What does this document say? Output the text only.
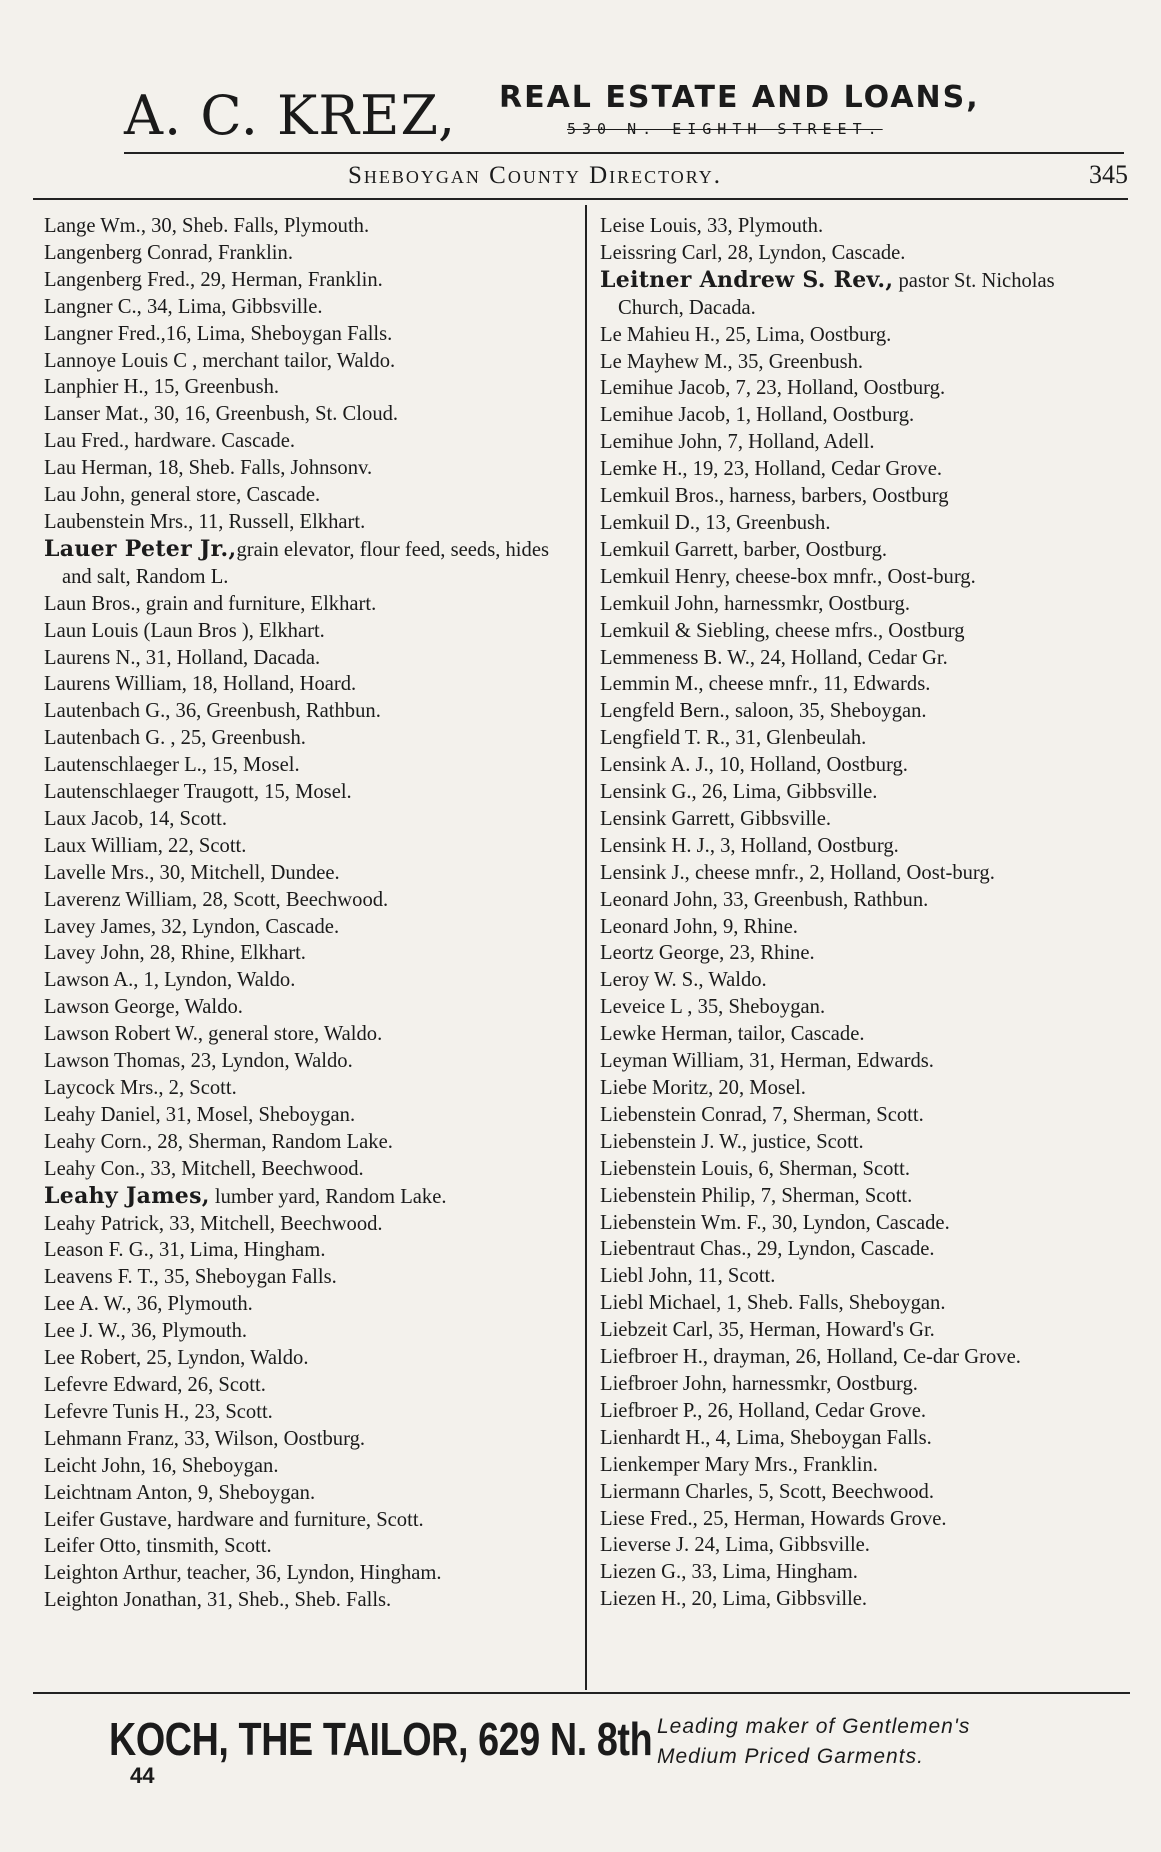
A. C. KREZ, REAL ESTATE AND LOANS,
530 N. EIGHTH STREET.
Sheboygan County Directory.	345
Lange Wm., 30, Sheb. Falls, Plymouth.
Langenberg Conrad, Franklin.
Langenberg Fred., 29, Herman, Franklin.
Langner C., 34, Lima, Gibbsville.
Langner Fred.,16, Lima, Sheboygan Falls.
Lannoye Louis C , merchant tailor, Waldo.
Lanphier H., 15, Greenbush.
Lanser Mat., 30, 16, Greenbush, St. Cloud.
Lau Fred., hardware. Cascade.
Lau Herman, 18, Sheb. Falls, Johnsonv.
Lau John, general store, Cascade.
Laubenstein Mrs., 11, Russell, Elkhart.
Lauer Peter Jr.,grain elevator, flour feed, seeds, hides and salt, Random L.
Laun Bros., grain and furniture, Elkhart.
Laun Louis (Laun Bros ), Elkhart.
Laurens N., 31, Holland, Dacada.
Laurens William, 18, Holland, Hoard.
Lautenbach G., 36, Greenbush, Rathbun.
Lautenbach G. , 25, Greenbush.
Lautenschlaeger L., 15, Mosel.
Lautenschlaeger Traugott, 15, Mosel.
Laux Jacob, 14, Scott.
Laux William, 22, Scott.
Lavelle Mrs., 30, Mitchell, Dundee.
Laverenz William, 28, Scott, Beechwood.
Lavey James, 32, Lyndon, Cascade.
Lavey John, 28, Rhine, Elkhart.
Lawson A., 1, Lyndon, Waldo.
Lawson George, Waldo.
Lawson Robert W., general store, Waldo.
Lawson Thomas, 23, Lyndon, Waldo.
Laycock Mrs., 2, Scott.
Leahy Daniel, 31, Mosel, Sheboygan.
Leahy Corn., 28, Sherman, Random Lake.
Leahy Con., 33, Mitchell, Beechwood.
Leahy James, lumber yard, Random Lake.
Leahy Patrick, 33, Mitchell, Beechwood.
Leason F. G., 31, Lima, Hingham.
Leavens F. T., 35, Sheboygan Falls.
Lee A. W., 36, Plymouth.
Lee J. W., 36, Plymouth.
Lee Robert, 25, Lyndon, Waldo.
Lefevre Edward, 26, Scott.
Lefevre Tunis H., 23, Scott.
Lehmann Franz, 33, Wilson, Oostburg.
Leicht John, 16, Sheboygan.
Leichtnam Anton, 9, Sheboygan.
Leifer Gustave, hardware and furniture, Scott.
Leifer Otto, tinsmith, Scott.
Leighton Arthur, teacher, 36, Lyndon, Hingham.
Leighton Jonathan, 31, Sheb., Sheb. Falls.
Leise Louis, 33, Plymouth.
Leissring Carl, 28, Lyndon, Cascade.
Leitner Andrew S. Rev., pastor St. Nicholas Church, Dacada.
Le Mahieu H., 25, Lima, Oostburg.
Le Mayhew M., 35, Greenbush.
Lemihue Jacob, 7, 23, Holland, Oostburg.
Lemihue Jacob, 1, Holland, Oostburg.
Lemihue John, 7, Holland, Adell.
Lemke H., 19, 23, Holland, Cedar Grove.
Lemkuil Bros., harness, barbers, Oostburg
Lemkuil D., 13, Greenbush.
Lemkuil Garrett, barber, Oostburg.
Lemkuil Henry, cheese-box mnfr., Oost-burg.
Lemkuil John, harnessmkr, Oostburg.
Lemkuil & Siebling, cheese mfrs., Oostburg
Lemmeness B. W., 24, Holland, Cedar Gr.
Lemmin M., cheese mnfr., 11, Edwards.
Lengfeld Bern., saloon, 35, Sheboygan.
Lengfield T. R., 31, Glenbeulah.
Lensink A. J., 10, Holland, Oostburg.
Lensink G., 26, Lima, Gibbsville.
Lensink Garrett, Gibbsville.
Lensink H. J., 3, Holland, Oostburg.
Lensink J., cheese mnfr., 2, Holland, Oost-burg.
Leonard John, 33, Greenbush, Rathbun.
Leonard John, 9, Rhine.
Leortz George, 23, Rhine.
Leroy W. S., Waldo.
Leveice L , 35, Sheboygan.
Lewke Herman, tailor, Cascade.
Leyman William, 31, Herman, Edwards.
Liebe Moritz, 20, Mosel.
Liebenstein Conrad, 7, Sherman, Scott.
Liebenstein J. W., justice, Scott.
Liebenstein Louis, 6, Sherman, Scott.
Liebenstein Philip, 7, Sherman, Scott.
Liebenstein Wm. F., 30, Lyndon, Cascade.
Liebentraut Chas., 29, Lyndon, Cascade.
Liebl John, 11, Scott.
Liebl Michael, 1, Sheb. Falls, Sheboygan.
Liebzeit Carl, 35, Herman, Howard's Gr.
Liefbroer H., drayman, 26, Holland, Ce-dar Grove.
Liefbroer John, harnessmkr, Oostburg.
Liefbroer P., 26, Holland, Cedar Grove.
Lienhardt H., 4, Lima, Sheboygan Falls.
Lienkemper Mary Mrs., Franklin.
Liermann Charles, 5, Scott, Beechwood.
Liese Fred., 25, Herman, Howards Grove.
Lieverse J. 24, Lima, Gibbsville.
Liezen G., 33, Lima, Hingham.
Liezen H., 20, Lima, Gibbsville.
KOCH, THE TAILOR, 629 N. 8th Leading maker of Gentlemen's
Medium Priced Garments.
44
